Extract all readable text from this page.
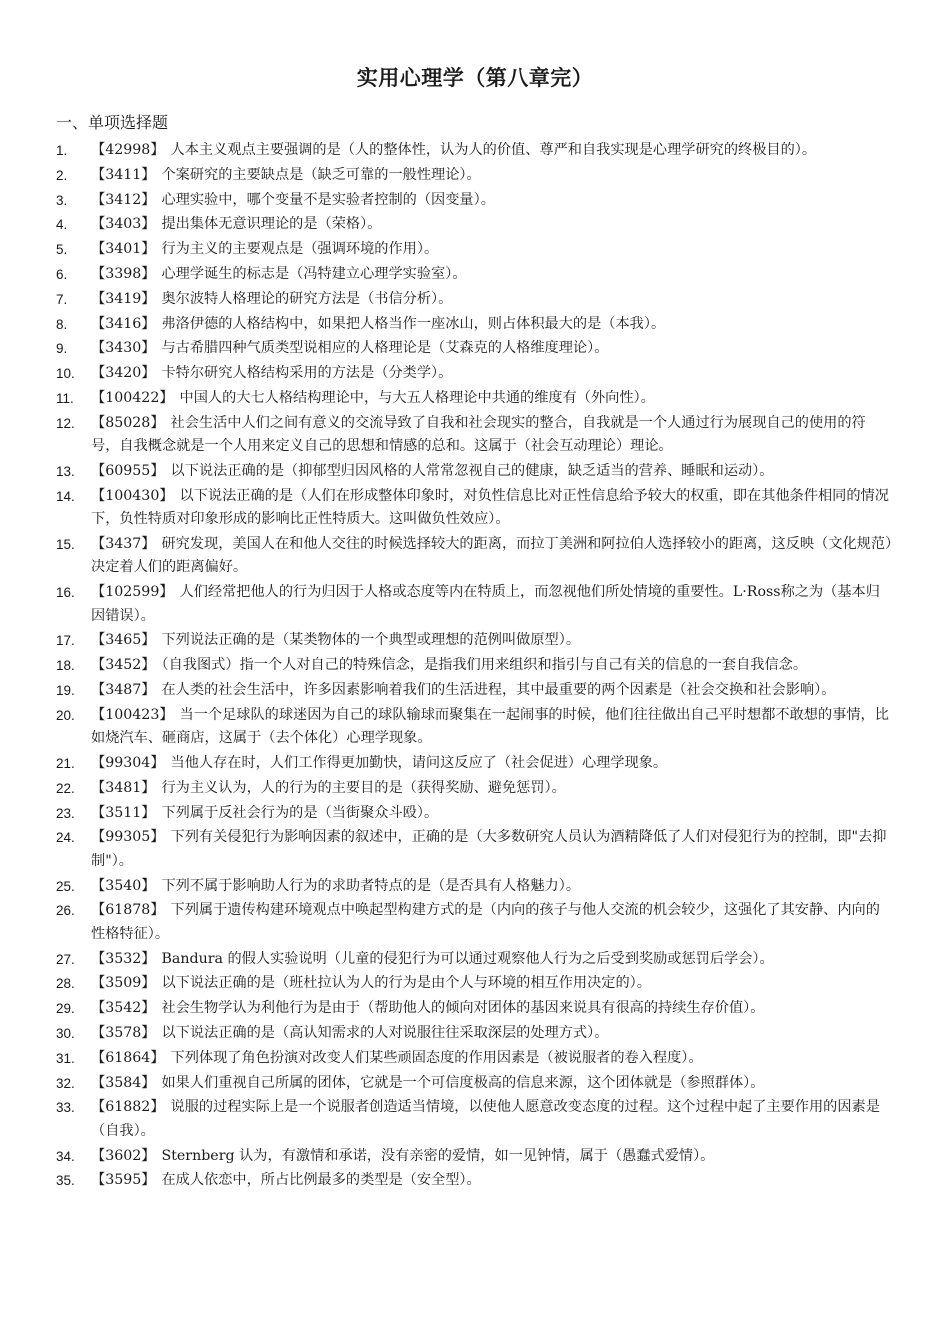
实用心理学（第八章完）
一、单项选择题
1.	【42998】 人本主义观点主要强调的是（人的整体性，认为人的价值、尊严和自我实现是心理学研究的终极目的）。
2.	【3411】 个案研究的主要缺点是（缺乏可靠的一般性理论）。
3.	【3412】 心理实验中，哪个变量不是实验者控制的（因变量）。
4.	【3403】 提出集体无意识理论的是（荣格）。
5.	【3401】 行为主义的主要观点是（强调环境的作用）。
6.	【3398】 心理学诞生的标志是（冯特建立心理学实验室）。
7.	【3419】 奥尔波特人格理论的研究方法是（书信分析）。
8.	【3416】 弗洛伊德的人格结构中，如果把人格当作一座冰山，则占体积最大的是（本我）。
9.	【3430】 与古希腊四种气质类型说相应的人格理论是（艾森克的人格维度理论）。
10.	【3420】 卡特尔研究人格结构采用的方法是（分类学）。
11.	【100422】 中国人的大七人格结构理论中，与大五人格理论中共通的维度有（外向性）。
12.	【85028】 社会生活中人们之间有意义的交流导致了自我和社会现实的整合，自我就是一个人通过行为展现自己的使用的符号，自我概念就是一个人用来定义自己的思想和情感的总和。这属于（社会互动理论）理论。
13.	【60955】 以下说法正确的是（抑郁型归因风格的人常常忽视自己的健康，缺乏适当的营养、睡眠和运动）。
14.	【100430】 以下说法正确的是（人们在形成整体印象时，对负性信息比对正性信息给予较大的权重，即在其他条件相同的情况下，负性特质对印象形成的影响比正性特质大。这叫做负性效应）。
15.	【3437】 研究发现，美国人在和他人交往的时候选择较大的距离，而拉丁美洲和阿拉伯人选择较小的距离，这反映（文化规范）决定着人们的距离偏好。
16.	【102599】 人们经常把他人的行为归因于人格或态度等内在特质上，而忽视他们所处情境的重要性。L·Ross称之为（基本归因错误）。
17.	【3465】 下列说法正确的是（某类物体的一个典型或理想的范例叫做原型）。
18.	【3452】 （自我图式）指一个人对自己的特殊信念，是指我们用来组织和指引与自己有关的信息的一套自我信念。
19.	【3487】 在人类的社会生活中，许多因素影响着我们的生活进程，其中最重要的两个因素是（社会交换和社会影响）。
20.	【100423】 当一个足球队的球迷因为自己的球队输球而聚集在一起闹事的时候，他们往往做出自己平时想都不敢想的事情，比如烧汽车、砸商店，这属于（去个体化）心理学现象。
21.	【99304】 当他人存在时，人们工作得更加勤快，请问这反应了（社会促进）心理学现象。
22.	【3481】 行为主义认为，人的行为的主要目的是（获得奖励、避免惩罚）。
23.	【3511】 下列属于反社会行为的是（当街聚众斗殴）。
24.	【99305】 下列有关侵犯行为影响因素的叙述中，正确的是（大多数研究人员认为酒精降低了人们对侵犯行为的控制，即"去抑制"）。
25.	【3540】 下列不属于影响助人行为的求助者特点的是（是否具有人格魅力）。
26.	【61878】 下列属于遗传构建环境观点中唤起型构建方式的是（内向的孩子与他人交流的机会较少，这强化了其安静、内向的性格特征）。
27.	【3532】 Bandura 的假人实验说明（儿童的侵犯行为可以通过观察他人行为之后受到奖励或惩罚后学会）。
28.	【3509】 以下说法正确的是（班杜拉认为人的行为是由个人与环境的相互作用决定的）。
29.	【3542】 社会生物学认为利他行为是由于（帮助他人的倾向对团体的基因来说具有很高的持续生存价值）。
30.	【3578】 以下说法正确的是（高认知需求的人对说服往往采取深层的处理方式）。
31.	【61864】 下列体现了角色扮演对改变人们某些顽固态度的作用因素是（被说服者的卷入程度）。
32.	【3584】 如果人们重视自己所属的团体，它就是一个可信度极高的信息来源，这个团体就是（参照群体）。
33.	【61882】 说服的过程实际上是一个说服者创造适当情境，以使他人愿意改变态度的过程。这个过程中起了主要作用的因素是（自我）。
34.	【3602】 Sternberg 认为，有激情和承诺，没有亲密的爱情，如一见钟情，属于（愚蠢式爱情）。
35.	【3595】 在成人依恋中，所占比例最多的类型是（安全型）。
